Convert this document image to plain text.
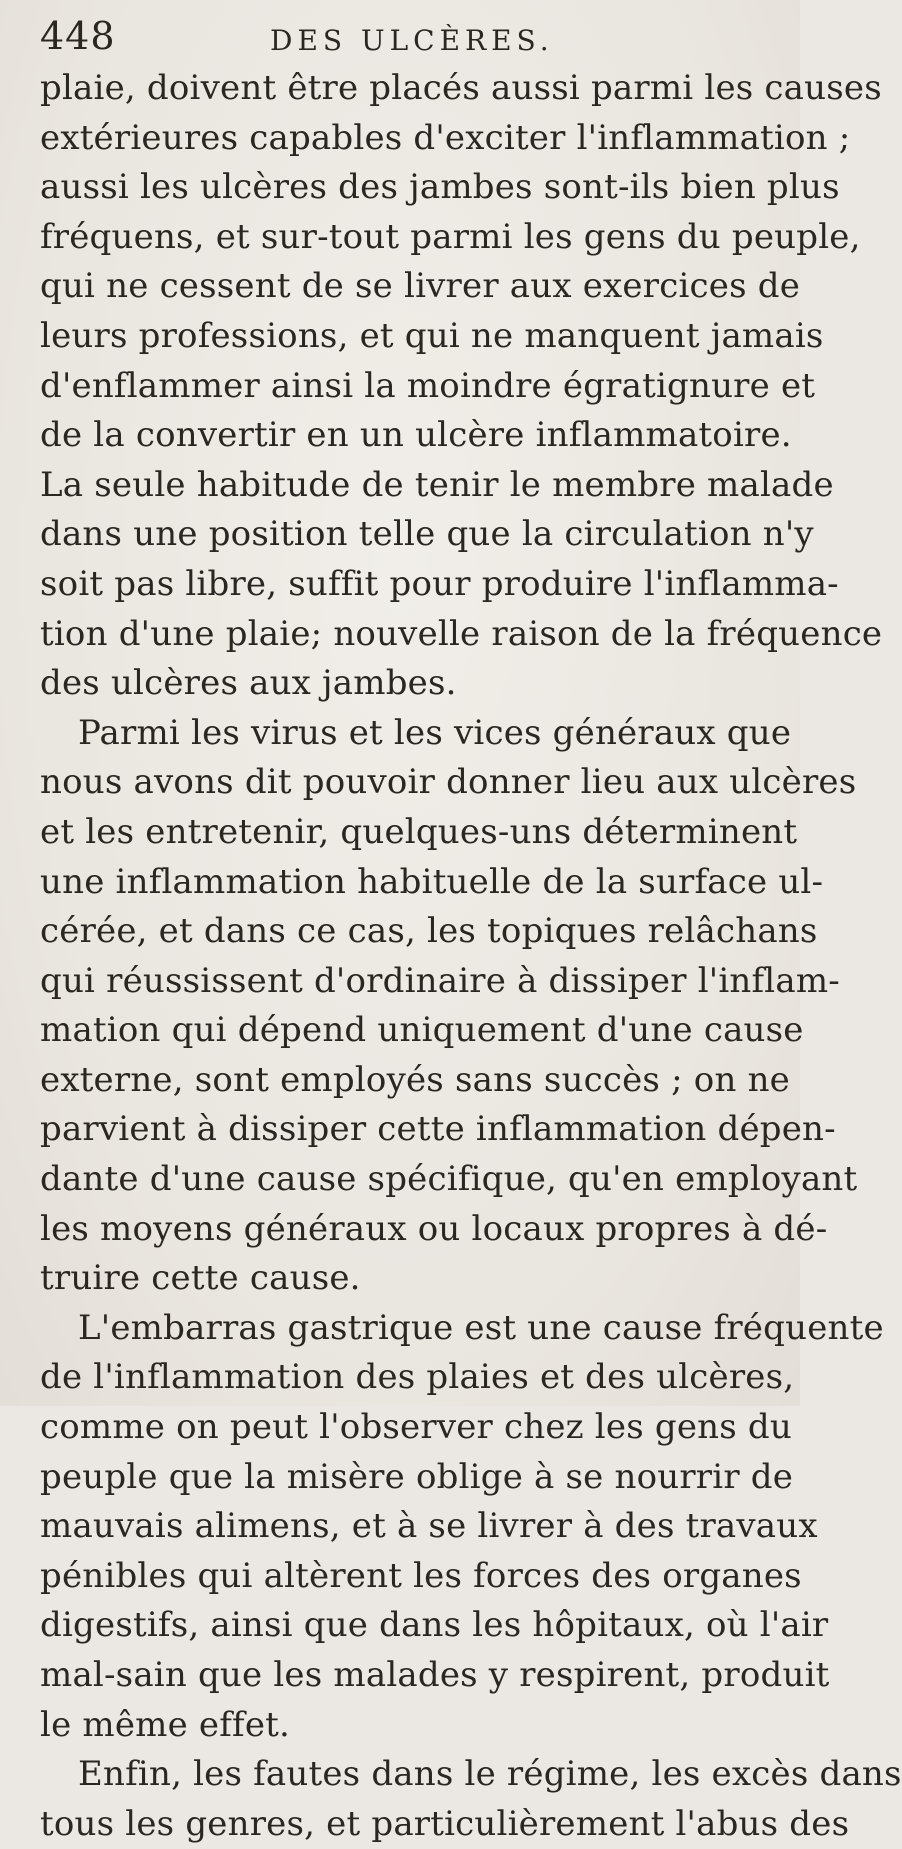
448	DES ULCÈRES.
plaie, doivent être placés aussi parmi les causes
extérieures capables d'exciter l'inflammation ;
aussi les ulcères des jambes sont-ils bien plus
fréquens, et sur-tout parmi les gens du peuple,
qui ne cessent de se livrer aux exercices de
leurs professions, et qui ne manquent jamais
d'enflammer ainsi la moindre égratignure et
de la convertir en un ulcère inflammatoire.
La seule habitude de tenir le membre malade
dans une position telle que la circulation n'y
soit pas libre, suffit pour produire l'inflamma-
tion d'une plaie; nouvelle raison de la fréquence
des ulcères aux jambes.
Parmi les virus et les vices généraux que
nous avons dit pouvoir donner lieu aux ulcères
et les entretenir, quelques-uns déterminent
une inflammation habituelle de la surface ul-
cérée, et dans ce cas, les topiques relâchans
qui réussissent d'ordinaire à dissiper l'inflam-
mation qui dépend uniquement d'une cause
externe, sont employés sans succès ; on ne
parvient à dissiper cette inflammation dépen-
dante d'une cause spécifique, qu'en employant
les moyens généraux ou locaux propres à dé-
truire cette cause.
L'embarras gastrique est une cause fréquente
de l'inflammation des plaies et des ulcères,
comme on peut l'observer chez les gens du
peuple que la misère oblige à se nourrir de
mauvais alimens, et à se livrer à des travaux
pénibles qui altèrent les forces des organes
digestifs, ainsi que dans les hôpitaux, où l'air
mal-sain que les malades y respirent, produit
le même effet.
Enfin, les fautes dans le régime, les excès dans
tous les genres, et particulièrement l'abus des
